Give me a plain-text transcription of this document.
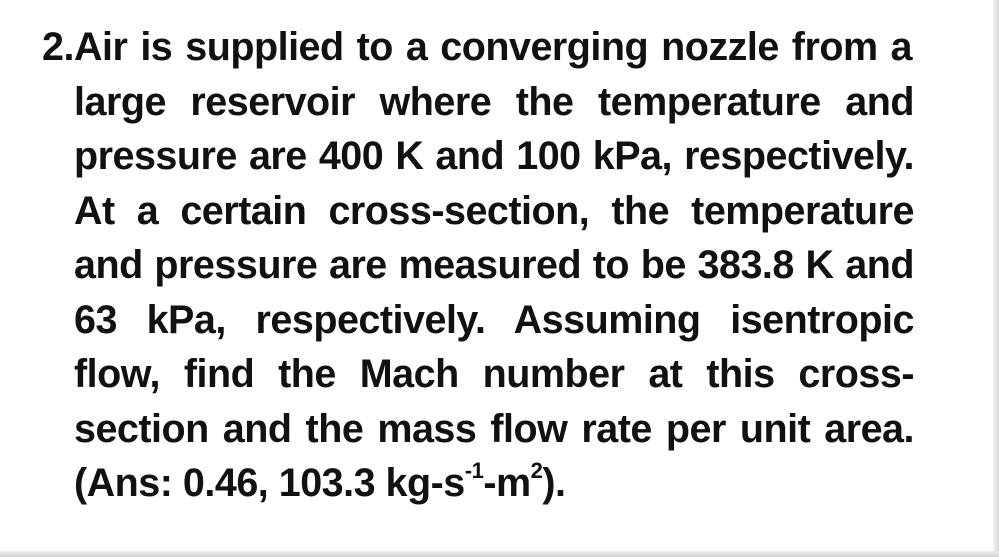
2.Air is supplied to a converging nozzle from a
large reservoir where the temperature and
pressure are 400 K and 100 kPa, respectively.
At a certain cross-section, the temperature
and pressure are measured to be 383.8 K and
63 kPa, respectively. Assuming isentropic
flow, find the Mach number at this cross-
section and the mass flow rate per unit area.
(Ans: 0.46, 103.3 $kg-s^{-1}-m^2$).
